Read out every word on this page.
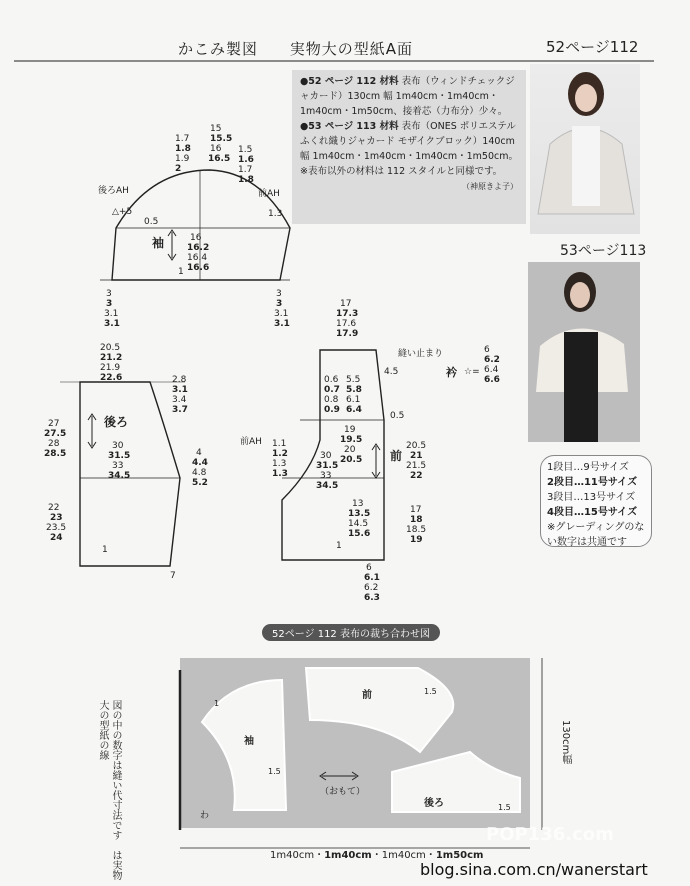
かこみ製図 実物大の型紙A面	52ページ112

●52 ページ 112 材料 表布（ウィンドチェックジャカード）130cm 幅 1m40cm・1m40cm・1m40cm・1m50cm、接着芯（力布分）少々。

●53 ページ 113 材料 表布（ONES ポリエステル ふくれ織りジャカード モザイクブロック）140cm 幅 1m40cm・1m40cm・1m40cm・1m50cm。

※表布以外の材料は 112 スタイルと同様です。

（神原きよ子）
53ページ113
1段目…9号サイズ
2段目…11号サイズ
3段目…13号サイズ
4段目…15号サイズ
※グレーディングのない数字は共通です
15 15.5 16 16.5
1.7 1.8 1.9 2
1.5 1.6 1.7 1.8
後ろAH	前AH
△+5
0.5
1.3
袖	16 16.2 16.4 16.6
1
3 3 3.1 3.1
3 3 3.1 3.1
20.5 21.2 21.9 22.6	2.8 3.1 3.4 3.7
27 27.5 28 28.5
後ろ
30 31.5 33 34.5
4 4.4 4.8 5.2
22 23 23.5 24
1
7
17 17.3 17.6 17.9
縫い止まり
衿 ☆=
6 6.2 6.4 6.6
4.5
0.6 0.7 0.8 0.9
5.5 5.8 6.1 6.4
0.5
前AH 1.1 1.2 1.3 1.3
19 19.5 20 20.5
30 31.5 33 34.5
前
20.5 21 21.5 22
17 18 18.5 19
13 13.5 14.5 15.6
6 6.1 6.2 6.3
1
袖
前
後ろ
（おもて）
わ
1
1.5
1.5
1.5
52ページ 112 表布の裁ち合わせ図
130cm幅
図の中の数字は縫い代寸法です　は実物大の型紙の線
1m40cm・1m40cm・1m40cm・1m50cm
POP136.com
blog.sina.com.cn/wanerstart
